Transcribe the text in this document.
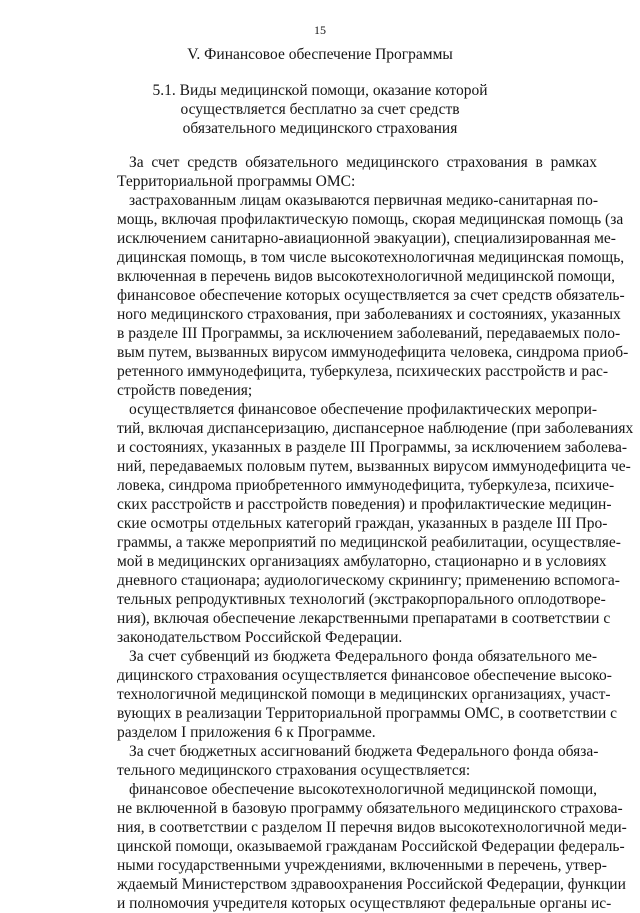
15
V. Финансовое обеспечение Программы
5.1. Виды медицинской помощи, оказание которой
осуществляется бесплатно за счет средств
обязательного медицинского страхования
За счет средств обязательного медицинского страхования в рамках
Территориальной программы ОМС:
застрахованным лицам оказываются первичная медико-санитарная по-
мощь, включая профилактическую помощь, скорая медицинская помощь (за
исключением санитарно-авиационной эвакуации), специализированная ме-
дицинская помощь, в том числе высокотехнологичная медицинская помощь,
включенная в перечень видов высокотехнологичной медицинской помощи,
финансовое обеспечение которых осуществляется за счет средств обязатель-
ного медицинского страхования, при заболеваниях и состояниях, указанных
в разделе III Программы, за исключением заболеваний, передаваемых поло-
вым путем, вызванных вирусом иммунодефицита человека, синдрома приоб-
ретенного иммунодефицита, туберкулеза, психических расстройств и рас-
стройств поведения;
осуществляется финансовое обеспечение профилактических меропри-
тий, включая диспансеризацию, диспансерное наблюдение (при заболеваниях
и состояниях, указанных в разделе III Программы, за исключением заболева-
ний, передаваемых половым путем, вызванных вирусом иммунодефицита че-
ловека, синдрома приобретенного иммунодефицита, туберкулеза, психиче-
ских расстройств и расстройств поведения) и профилактические медицин-
ские осмотры отдельных категорий граждан, указанных в разделе III Про-
граммы, а также мероприятий по медицинской реабилитации, осуществляе-
мой в медицинских организациях амбулаторно, стационарно и в условиях
дневного стационара; аудиологическому скринингу; применению вспомога-
тельных репродуктивных технологий (экстракорпорального оплодотворе-
ния), включая обеспечение лекарственными препаратами в соответствии с
законодательством Российской Федерации.
За счет субвенций из бюджета Федерального фонда обязательного ме-
дицинского страхования осуществляется финансовое обеспечение высоко-
технологичной медицинской помощи в медицинских организациях, участ-
вующих в реализации Территориальной программы ОМС, в соответствии с
разделом I приложения 6 к Программе.
За счет бюджетных ассигнований бюджета Федерального фонда обяза-
тельного медицинского страхования осуществляется:
финансовое обеспечение высокотехнологичной медицинской помощи,
не включенной в базовую программу обязательного медицинского страхова-
ния, в соответствии с разделом II перечня видов высокотехнологичной меди-
цинской помощи, оказываемой гражданам Российской Федерации федераль-
ными государственными учреждениями, включенными в перечень, утвер-
ждаемый Министерством здравоохранения Российской Федерации, функции
и полномочия учредителя которых осуществляют федеральные органы ис-
